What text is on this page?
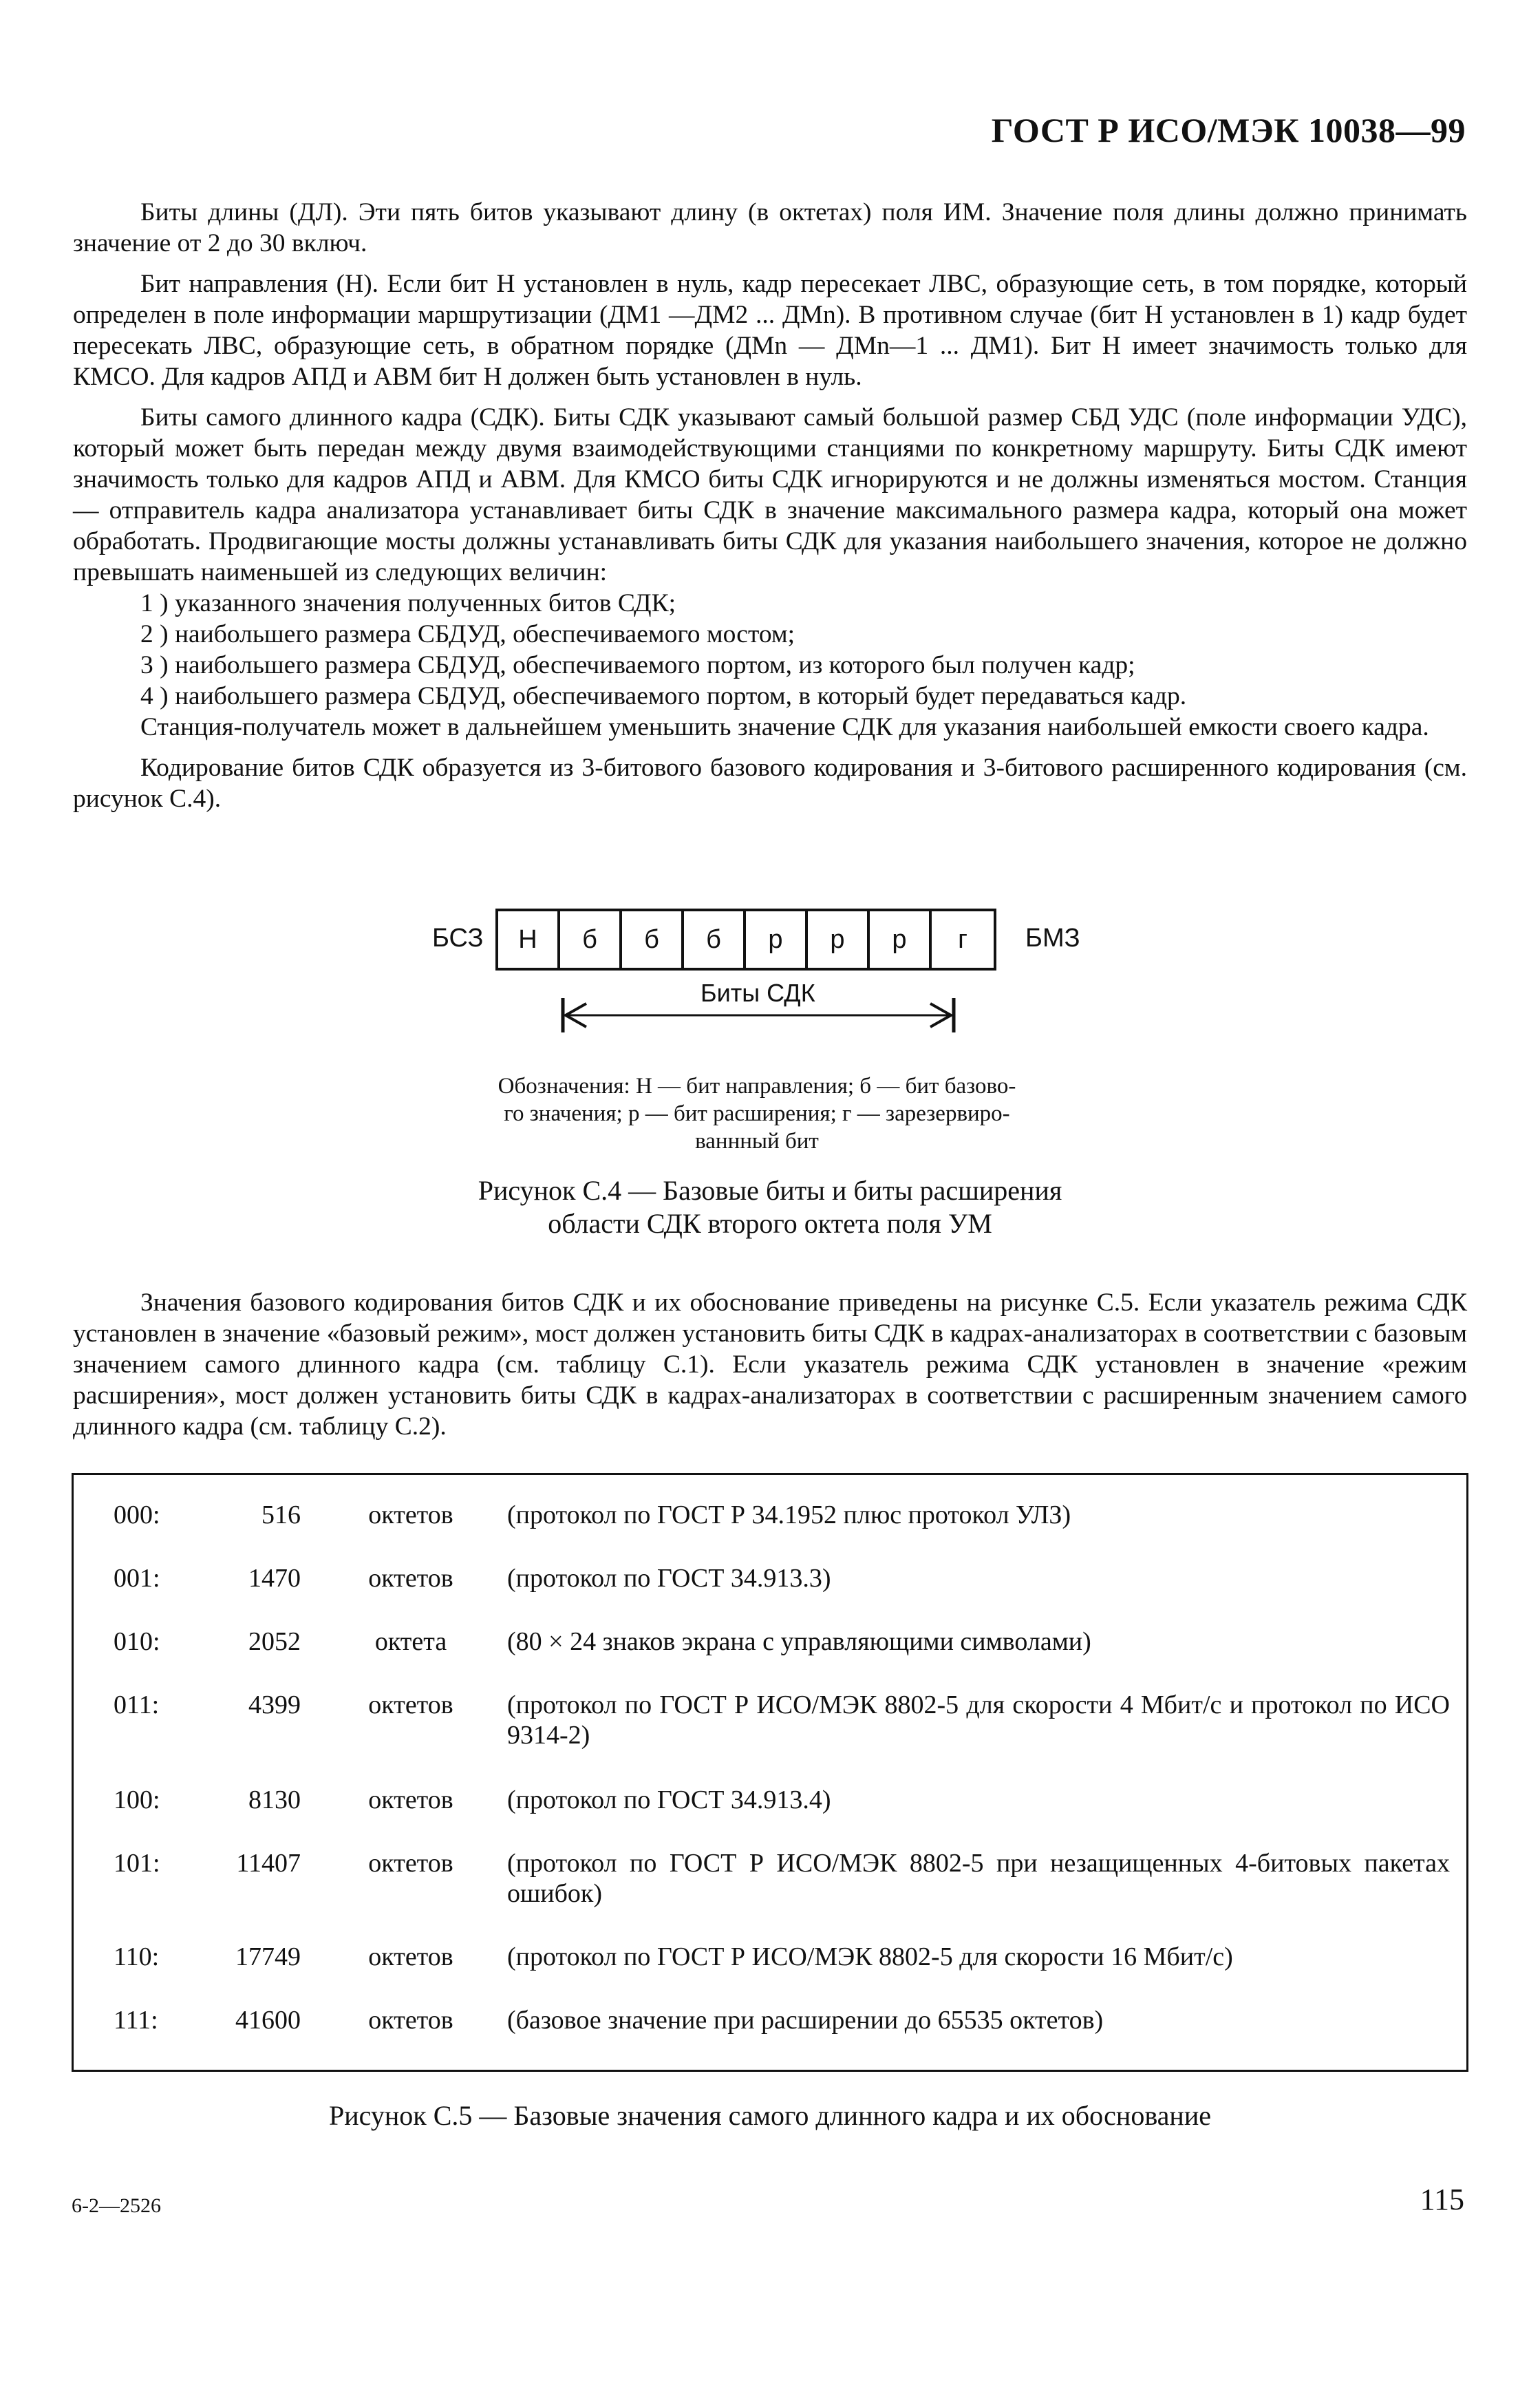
ГОСТ Р ИСО/МЭК 10038—99

Биты длины (ДЛ). Эти пять битов указывают длину (в октетах) поля ИМ. Значение поля длины должно принимать значение от 2 до 30 включ.

Бит направления (Н). Если бит Н установлен в нуль, кадр пересекает ЛВС, образующие сеть, в том порядке, который определен в поле информации маршрутизации (ДМ1 —ДМ2 ... ДМn). В противном случае (бит Н установлен в 1) кадр будет пересекать ЛВС, образующие сеть, в обратном порядке (ДМn — ДМn—1 ... ДМ1). Бит Н имеет значимость только для КМСО. Для кадров АПД и АВМ бит Н должен быть установлен в нуль.

Биты самого длинного кадра (СДК). Биты СДК указывают самый большой размер СБД УДС (поле информации УДС), который может быть передан между двумя взаимодействующими станциями по конкретному маршруту. Биты СДК имеют значимость только для кадров АПД и АВМ. Для КМСО биты СДК игнорируются и не должны изменяться мостом. Станция — отправитель кадра анализатора устанавливает биты СДК в значение максимального размера кадра, который она может обработать. Продвигающие мосты должны устанавливать биты СДК для указания наибольшего значения, которое не должно превышать наименьшей из следующих величин:

1 ) указанного значения полученных битов СДК;

2 ) наибольшего размера СБДУД, обеспечиваемого мостом;

3 ) наибольшего размера СБДУД, обеспечиваемого портом, из которого был получен кадр;

4 ) наибольшего размера СБДУД, обеспечиваемого портом, в который будет передаваться кадр.

Станция-получатель может в дальнейшем уменьшить значение СДК для указания наибольшей емкости своего кадра.

Кодирование битов СДК образуется из 3-битового базового кодирования и 3-битового расширенного кодирования (см. рисунок С.4).

БСЗ	Н	б	б	б	р	р	р	г	БМЗ
Биты СДК
Обозначения: Н — бит направления; б — бит базово-
го значения; р — бит расширения; г — зарезервиро-
ваннный бит
Рисунок С.4 — Базовые биты и биты расширения
области СДК второго октета поля УМ

Значения базового кодирования битов СДК и их обоснование приведены на рисунке С.5. Если указатель режима СДК установлен в значение «базовый режим», мост должен установить биты СДК в кадрах-анализаторах в соответствии с базовым значением самого длинного кадра (см. таблицу С.1). Если указатель режима СДК установлен в значение «режим расширения», мост должен установить биты СДК в кадрах-анализаторах в соответствии с расширенным значением самого длинного кадра (см. таблицу С.2).

000:	516	октетов	(протокол по ГОСТ Р 34.1952 плюс протокол УЛЗ)
001:	1470	октетов	(протокол по ГОСТ 34.913.3)
010:	2052	октета	(80 × 24 знаков экрана с управляющими символами)
011:	4399	октетов	(протокол по ГОСТ Р ИСО/МЭК 8802-5 для скорости 4 Мбит/с и протокол по ИСО 9314-2)
100:	8130	октетов	(протокол по ГОСТ 34.913.4)
101:	11407	октетов	(протокол по ГОСТ Р ИСО/МЭК 8802-5 при незащищенных 4-битовых пакетах ошибок)
110:	17749	октетов	(протокол по ГОСТ Р ИСО/МЭК 8802-5 для скорости 16 Мбит/с)
111:	41600	октетов	(базовое значение при расширении до 65535 октетов)
Рисунок С.5 — Базовые значения самого длинного кадра и их обоснование
6-2—2526	115
